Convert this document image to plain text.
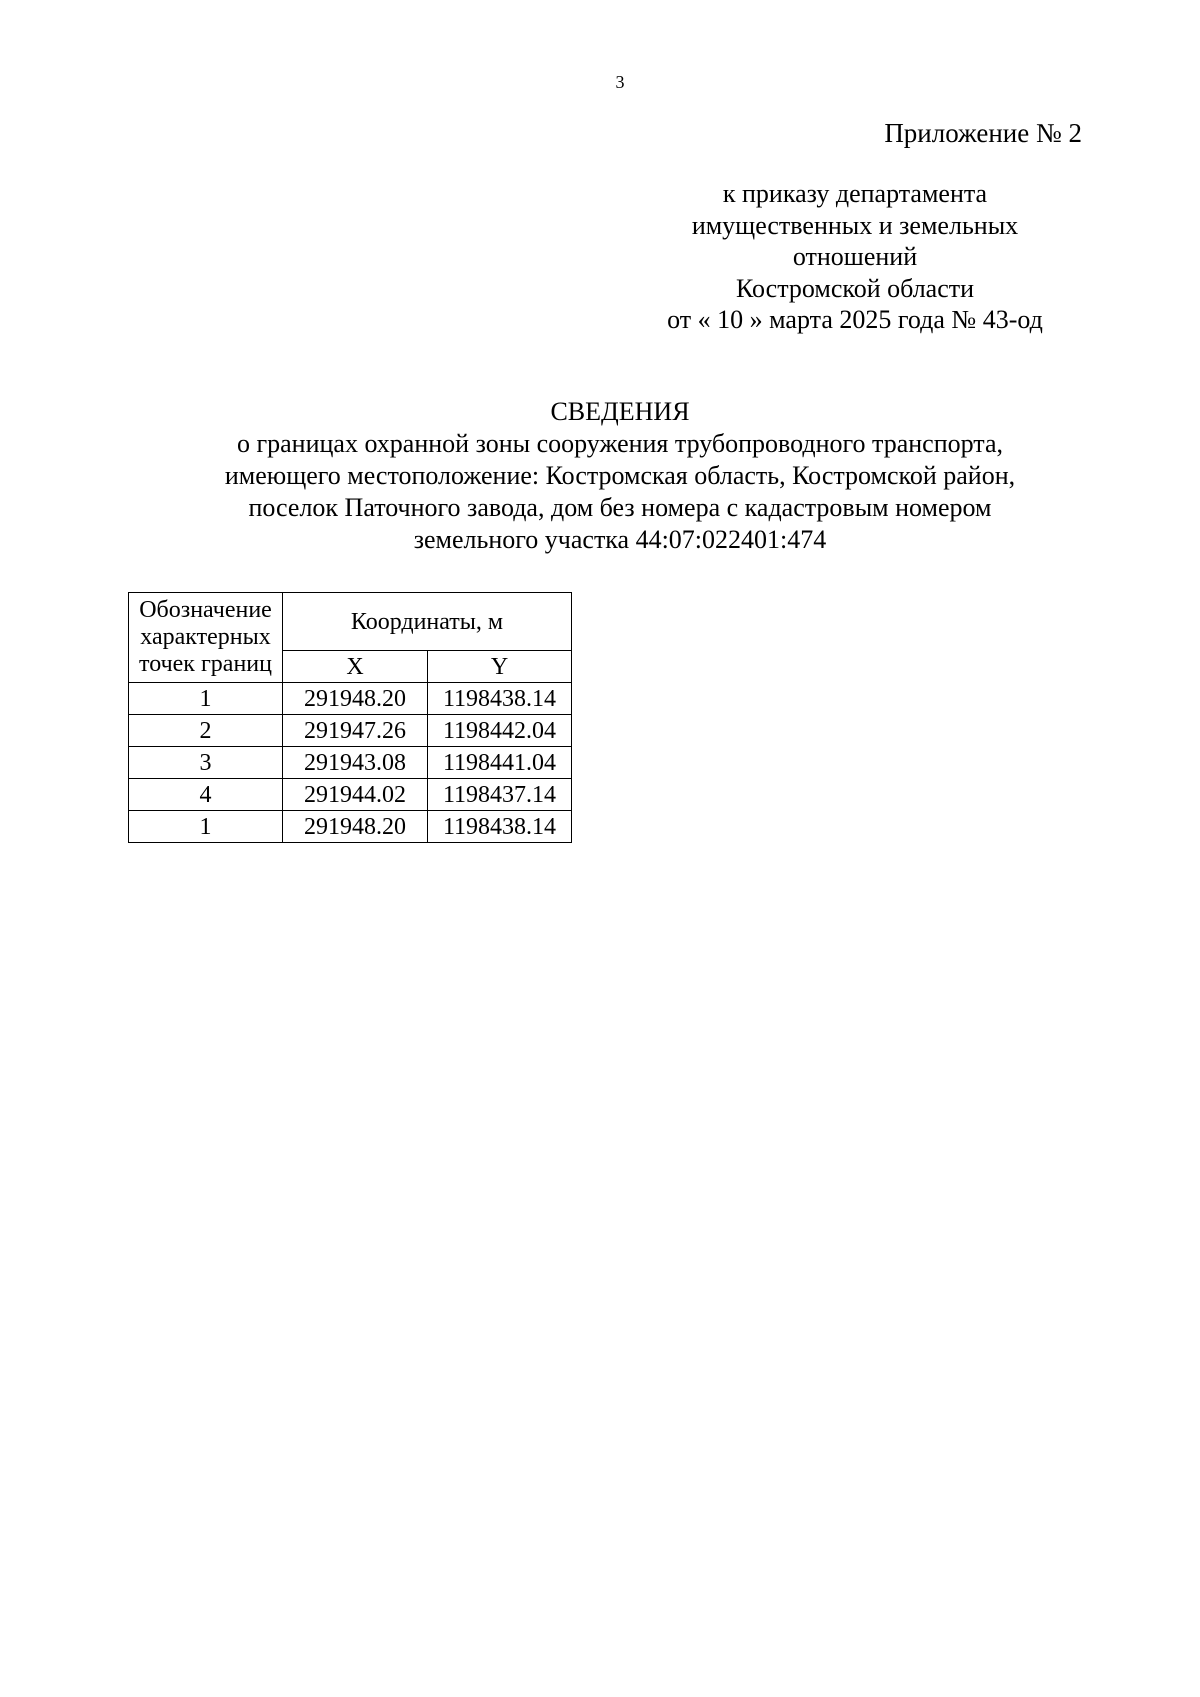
3
Приложение № 2
к приказу департамента
имущественных и земельных
отношений
Костромской области
от « 10 » марта 2025 года № 43-од
СВЕДЕНИЯ
о границах охранной зоны сооружения трубопроводного транспорта,
имеющего местоположение: Костромская область, Костромской район,
поселок Паточного завода, дом без номера с кадастровым номером
земельного участка 44:07:022401:474
Обозначение
характерных
точек границ	Координаты, м	
	X	Y
1	291948.20	1198438.14
2	291947.26	1198442.04
3	291943.08	1198441.04
4	291944.02	1198437.14
1	291948.20	1198438.14
